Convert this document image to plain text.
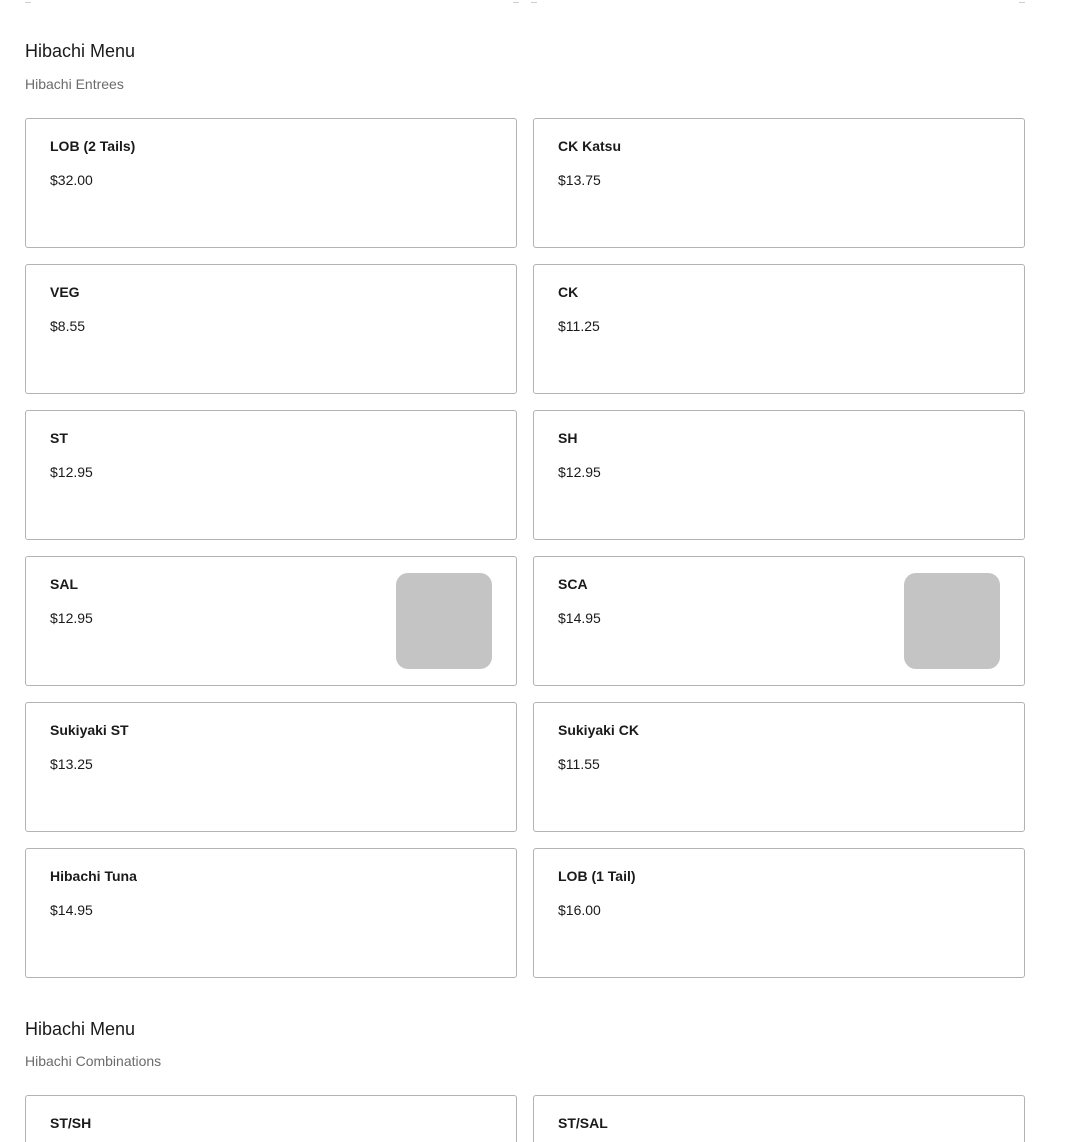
Hibachi Menu
Hibachi Entrees
LOB (2 Tails)
$32.00
CK Katsu
$13.75
VEG
$8.55
CK
$11.25
ST
$12.95
SH
$12.95
SAL
$12.95
SCA
$14.95
Sukiyaki ST
$13.25
Sukiyaki CK
$11.55
Hibachi Tuna
$14.95
LOB (1 Tail)
$16.00
Hibachi Menu
Hibachi Combinations
ST/SH	ST/SAL
